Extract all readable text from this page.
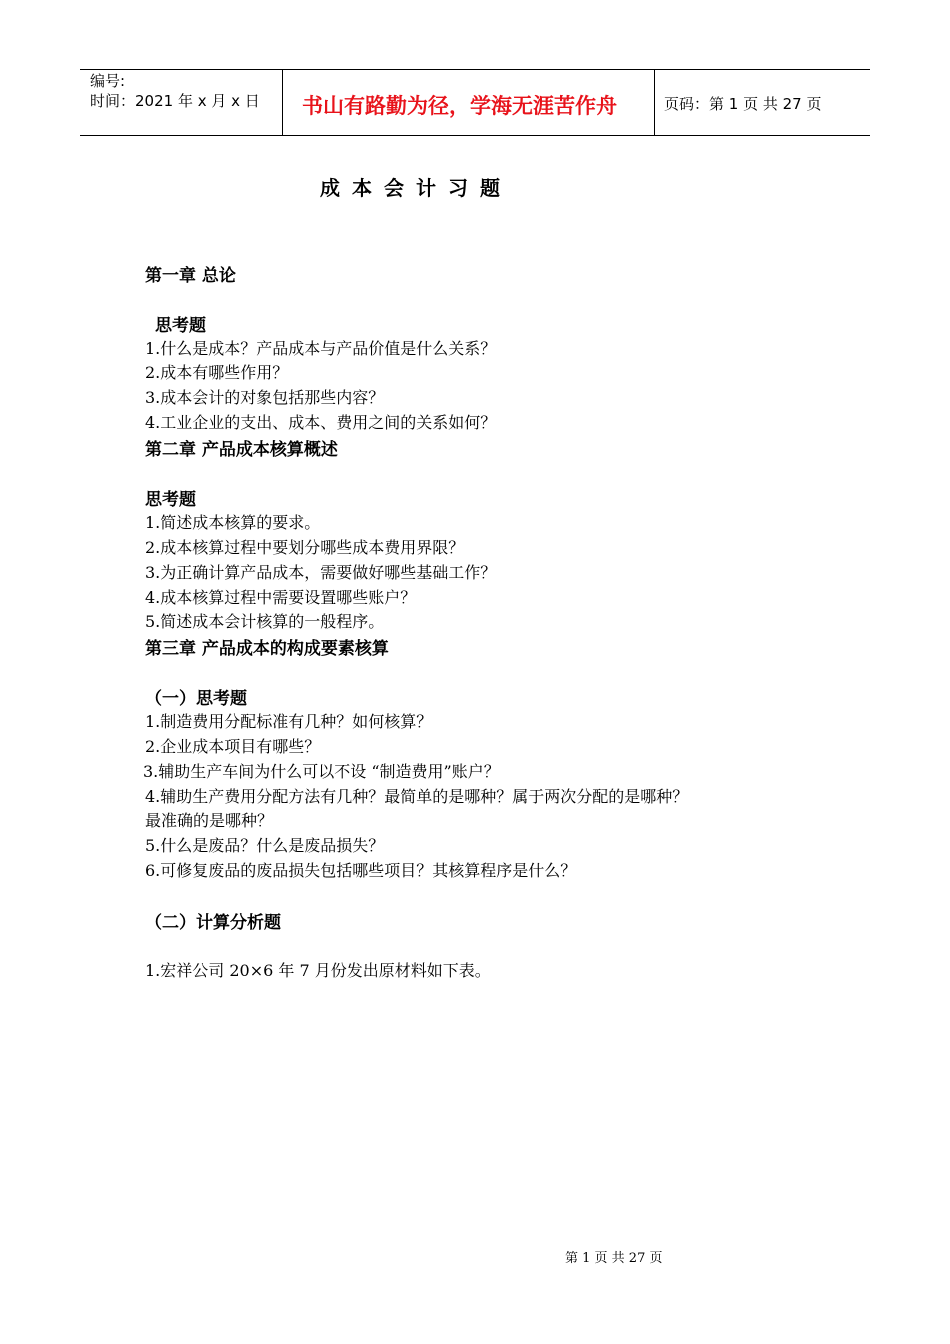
编号:
时间：2021 年 x 月 x 日 书山有路勤为径，学海无涯苦作舟	页码：第 1 页 共 27 页
成本会计习题
第一章 总论
思考题
1.什么是成本？产品成本与产品价值是什么关系？
2.成本有哪些作用？
3.成本会计的对象包括那些内容？
4.工业企业的支出、成本、费用之间的关系如何？
第二章 产品成本核算概述
思考题
1.简述成本核算的要求。
2.成本核算过程中要划分哪些成本费用界限？
3.为正确计算产品成本，需要做好哪些基础工作？
4.成本核算过程中需要设置哪些账户？
5.简述成本会计核算的一般程序。
第三章 产品成本的构成要素核算
（一）思考题
1.制造费用分配标准有几种？如何核算？
2.企业成本项目有哪些？
3.辅助生产车间为什么可以不设 “制造费用”账户？
4.辅助生产费用分配方法有几种？最简单的是哪种？属于两次分配的是哪种？
最准确的是哪种？
5.什么是废品？什么是废品损失？
6.可修复废品的废品损失包括哪些项目？其核算程序是什么？
（二）计算分析题
1.宏祥公司 20×6 年 7 月份发出原材料如下表。
第 1 页 共 27 页
